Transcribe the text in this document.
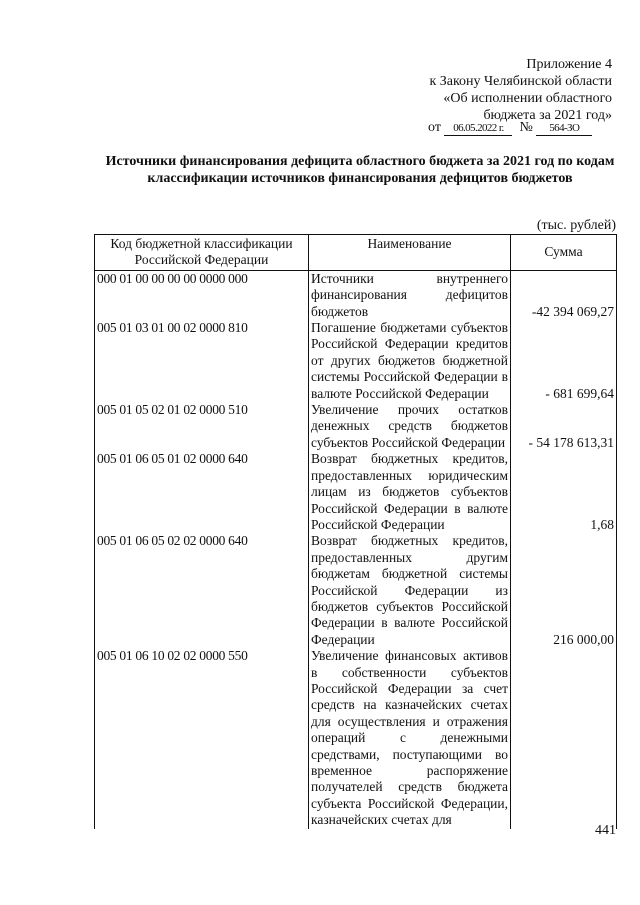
Приложение 4
к Закону Челябинской области
«Об исполнении областного
бюджета за 2021 год»
от 06.05.2022 г. № 564-ЗО
Источники финансирования дефицита областного бюджета за 2021 год по кодам классификации источников финансирования дефицитов бюджетов
(тыс. рублей)
Код бюджетной классификации Российской Федерации	Наименование	Сумма
000 01 00 00 00 00 0000 000	Источники внутреннего финансирования дефицитов бюджетов	-42 394 069,27
005 01 03 01 00 02 0000 810	Погашение бюджетами субъектов Российской Федерации кредитов от других бюджетов бюджетной системы Российской Федерации в валюте Российской Федерации	- 681 699,64
005 01 05 02 01 02 0000 510	Увеличение прочих остатков денежных средств бюджетов субъектов Российской Федерации	- 54 178 613,31
005 01 06 05 01 02 0000 640	Возврат бюджетных кредитов, предоставленных юридическим лицам из бюджетов субъектов Российской Федерации в валюте Российской Федерации	1,68
005 01 06 05 02 02 0000 640	Возврат бюджетных кредитов, предоставленных другим бюджетам бюджетной системы Российской Федерации из бюджетов субъектов Российской Федерации в валюте Российской Федерации	216 000,00
005 01 06 10 02 02 0000 550	Увеличение финансовых активов в собственности субъектов Российской Федерации за счет средств на казначейских счетах для осуществления и отражения операций с денежными средствами, поступающими во временное распоряжение получателей средств бюджета субъекта Российской Федерации, казначейских счетах для	
441
